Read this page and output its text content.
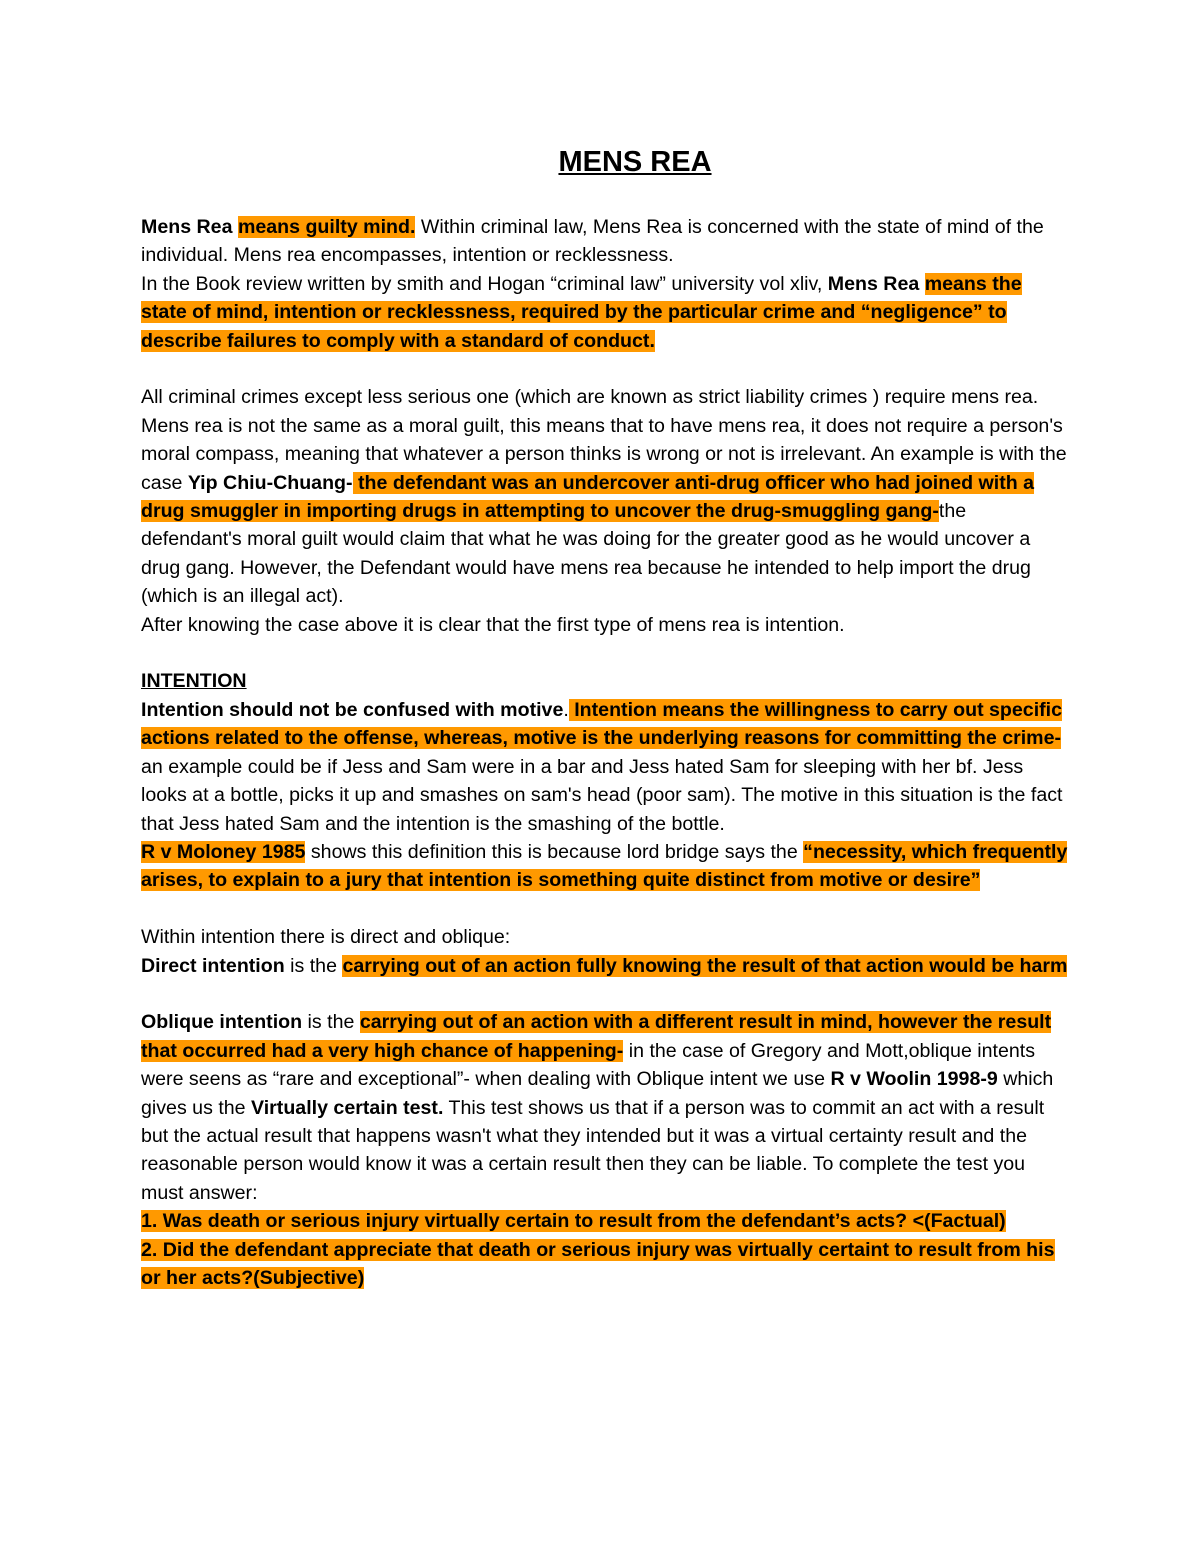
MENS REA

Mens Rea means guilty mind. Within criminal law, Mens Rea is concerned with the state of mind of the individual. Mens rea encompasses, intention or recklessness.

In the Book review written by smith and Hogan “criminal law” university vol xliv, Mens Rea means the state of mind, intention or recklessness, required by the particular crime and “negligence” to describe failures to comply with a standard of conduct.

All criminal crimes except less serious one (which are known as strict liability crimes ) require mens rea. Mens rea is not the same as a moral guilt, this means that to have mens rea, it does not require a person's moral compass, meaning that whatever a person thinks is wrong or not is irrelevant. An example is with the case Yip Chiu-Chuang- the defendant was an undercover anti-drug officer who had joined with a drug smuggler in importing drugs in attempting to uncover the drug-smuggling gang-the defendant's moral guilt would claim that what he was doing for the greater good as he would uncover a drug gang. However, the Defendant would have mens rea because he intended to help import the drug (which is an illegal act).

After knowing the case above it is clear that the first type of mens rea is intention.

INTENTION

Intention should not be confused with motive. Intention means the willingness to carry out specific actions related to the offense, whereas, motive is the underlying reasons for committing the crime- an example could be if Jess and Sam were in a bar and Jess hated Sam for sleeping with her bf. Jess looks at a bottle, picks it up and smashes on sam's head (poor sam). The motive in this situation is the fact that Jess hated Sam and the intention is the smashing of the bottle.

R v Moloney 1985 shows this definition this is because lord bridge says the “necessity, which frequently arises, to explain to a jury that intention is something quite distinct from motive or desire”

Within intention there is direct and oblique:

Direct intention is the carrying out of an action fully knowing the result of that action would be harm

Oblique intention is the carrying out of an action with a different result in mind, however the result that occurred had a very high chance of happening- in the case of Gregory and Mott,oblique intents were seens as “rare and exceptional”- when dealing with Oblique intent we use R v Woolin 1998-9 which gives us the Virtually certain test. This test shows us that if a person was to commit an act with a result but the actual result that happens wasn't what they intended but it was a virtual certainty result and the reasonable person would know it was a certain result then they can be liable. To complete the test you must answer:

1. Was death or serious injury virtually certain to result from the defendant’s acts? <(Factual)

2. Did the defendant appreciate that death or serious injury was virtually certaint to result from his or her acts?(Subjective)
